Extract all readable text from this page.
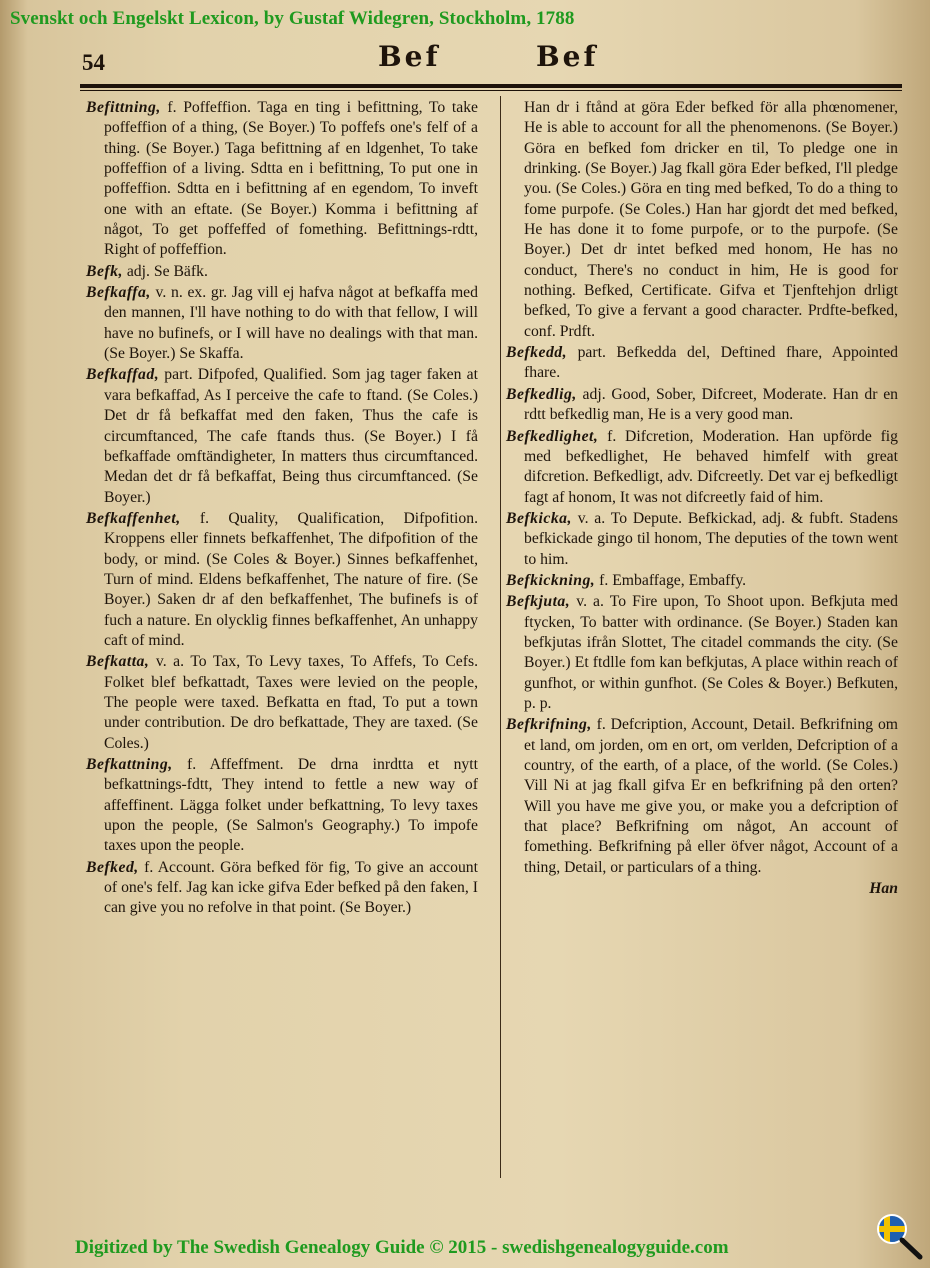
Svenskt och Engelskt Lexicon, by Gustaf Widegren, Stockholm, 1788
54	Bef	Bef

Befittning, f. Poffeffion. Taga en ting i befittning, To take poffeffion of a thing, (Se Boyer.) To poffefs one's felf of a thing. (Se Boyer.) Taga befittning af en ldgenhet, To take poffeffion of a living. Sdtta en i befittning, To put one in poffeffion. Sdtta en i befittning af en egendom, To inveft one with an eftate. (Se Boyer.) Komma i befittning af något, To get poffeffed of fomething. Befittnings-rdtt, Right of poffeffion.

Befk, adj. Se Bäfk.

Befkaffa, v. n. ex. gr. Jag vill ej hafva något at befkaffa med den mannen, I'll have nothing to do with that fellow, I will have no bufinefs, or I will have no dealings with that man. (Se Boyer.) Se Skaffa.

Befkaffad, part. Difpofed, Qualified. Som jag tager faken at vara befkaffad, As I perceive the cafe to ftand. (Se Coles.) Det dr få befkaffat med den faken, Thus the cafe is circumftanced, The cafe ftands thus. (Se Boyer.) I få befkaffade omftändigheter, In matters thus circumftanced. Medan det dr få befkaffat, Being thus circumftanced. (Se Boyer.)

Befkaffenhet, f. Quality, Qualification, Difpofition. Kroppens eller finnets befkaffenhet, The difpofition of the body, or mind. (Se Coles & Boyer.) Sinnes befkaffenhet, Turn of mind. Eldens befkaffenhet, The nature of fire. (Se Boyer.) Saken dr af den befkaffenhet, The bufinefs is of fuch a nature. En olycklig finnes befkaffenhet, An unhappy caft of mind.

Befkatta, v. a. To Tax, To Levy taxes, To Affefs, To Cefs. Folket blef befkattadt, Taxes were levied on the people, The people were taxed. Befkatta en ftad, To put a town under contribution. De dro befkattade, They are taxed. (Se Coles.)

Befkattning, f. Affeffment. De drna inrdtta et nytt befkattnings-fdtt, They intend to fettle a new way of affeffinent. Lägga folket under befkattning, To levy taxes upon the people, (Se Salmon's Geography.) To impofe taxes upon the people.

Befked, f. Account. Göra befked för fig, To give an account of one's felf. Jag kan icke gifva Eder befked på den faken, I can give you no refolve in that point. (Se Boyer.)

Han dr i ftånd at göra Eder befked för alla phœnomener, He is able to account for all the phenomenons. (Se Boyer.) Göra en befked fom dricker en til, To pledge one in drinking. (Se Boyer.) Jag fkall göra Eder befked, I'll pledge you. (Se Coles.) Göra en ting med befked, To do a thing to fome purpofe. (Se Coles.) Han har gjordt det med befked, He has done it to fome purpofe, or to the purpofe. (Se Boyer.) Det dr intet befked med honom, He has no conduct, There's no conduct in him, He is good for nothing. Befked, Certificate. Gifva et Tjenftehjon drligt befked, To give a fervant a good character. Prdfte-befked, conf. Prdft.

Befkedd, part. Befkedda del, Deftined fhare, Appointed fhare.

Befkedlig, adj. Good, Sober, Difcreet, Moderate. Han dr en rdtt befkedlig man, He is a very good man.

Befkedlighet, f. Difcretion, Moderation. Han upförde fig med befkedlighet, He behaved himfelf with great difcretion. Befkedligt, adv. Difcreetly. Det var ej befkedligt fagt af honom, It was not difcreetly faid of him.

Befkicka, v. a. To Depute. Befkickad, adj. & fubft. Stadens befkickade gingo til honom, The deputies of the town went to him.

Befkickning, f. Embaffage, Embaffy.

Befkjuta, v. a. To Fire upon, To Shoot upon. Befkjuta med ftycken, To batter with ordinance. (Se Boyer.) Staden kan befkjutas ifrån Slottet, The citadel commands the city. (Se Boyer.) Et ftdlle fom kan befkjutas, A place within reach of gunfhot, or within gunfhot. (Se Coles & Boyer.) Befkuten, p. p.

Befkrifning, f. Defcription, Account, Detail. Befkrifning om et land, om jorden, om en ort, om verlden, Defcription of a country, of the earth, of a place, of the world. (Se Coles.) Vill Ni at jag fkall gifva Er en befkrifning på den orten? Will you have me give you, or make you a defcription of that place? Befkrifning om något, An account of fomething. Befkrifning på eller öfver något, Account of a thing, Detail, or particulars of a thing.

Han
Digitized by The Swedish Genealogy Guide © 2015 - swedishgenealogyguide.com
